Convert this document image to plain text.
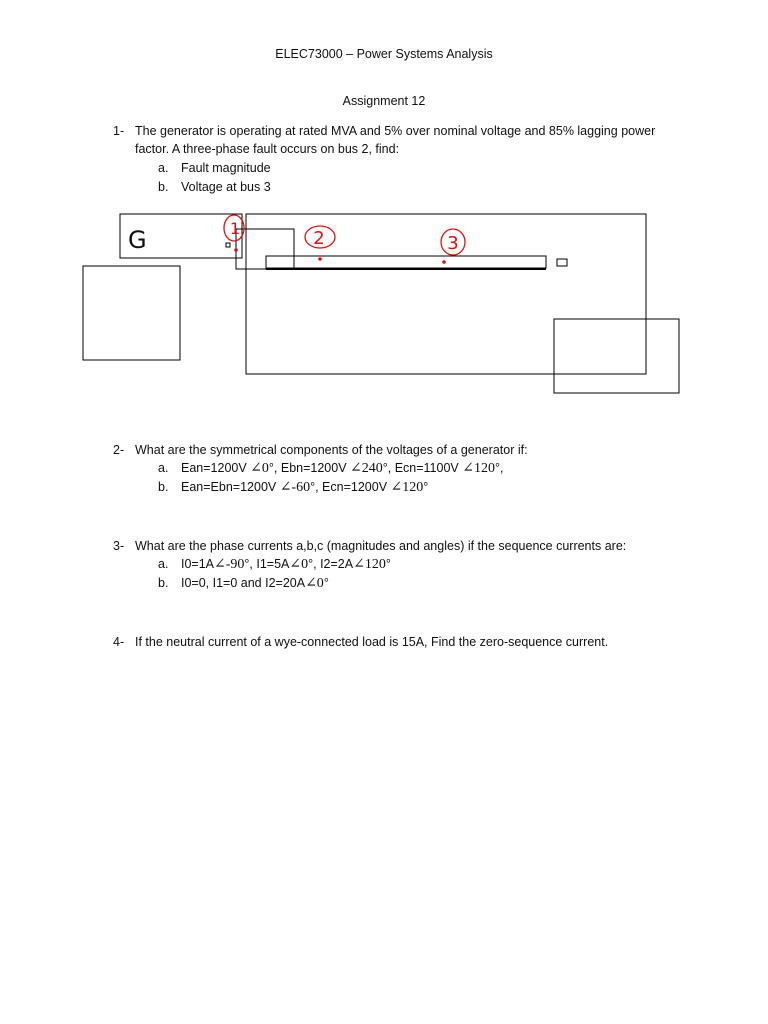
ELEC73000 – Power Systems Analysis
Assignment 12
1- The generator is operating at rated MVA and 5% over nominal voltage and 85% lagging power
factor. A three-phase fault occurs on bus 2, find:
a. Fault magnitude
b. Voltage at bus 3
G	1	2	3
2- What are the symmetrical components of the voltages of a generator if:
a. Ean=1200V ∠0°, Ebn=1200V ∠240°, Ecn=1100V ∠120°,
b. Ean=Ebn=1200V ∠-60°, Ecn=1200V ∠120°
3- What are the phase currents a,b,c (magnitudes and angles) if the sequence currents are:
a. I0=1A∠-90°, I1=5A∠0°, I2=2A∠120°
b. I0=0, I1=0 and I2=20A∠0°
4- If the neutral current of a wye-connected load is 15A, Find the zero-sequence current.
